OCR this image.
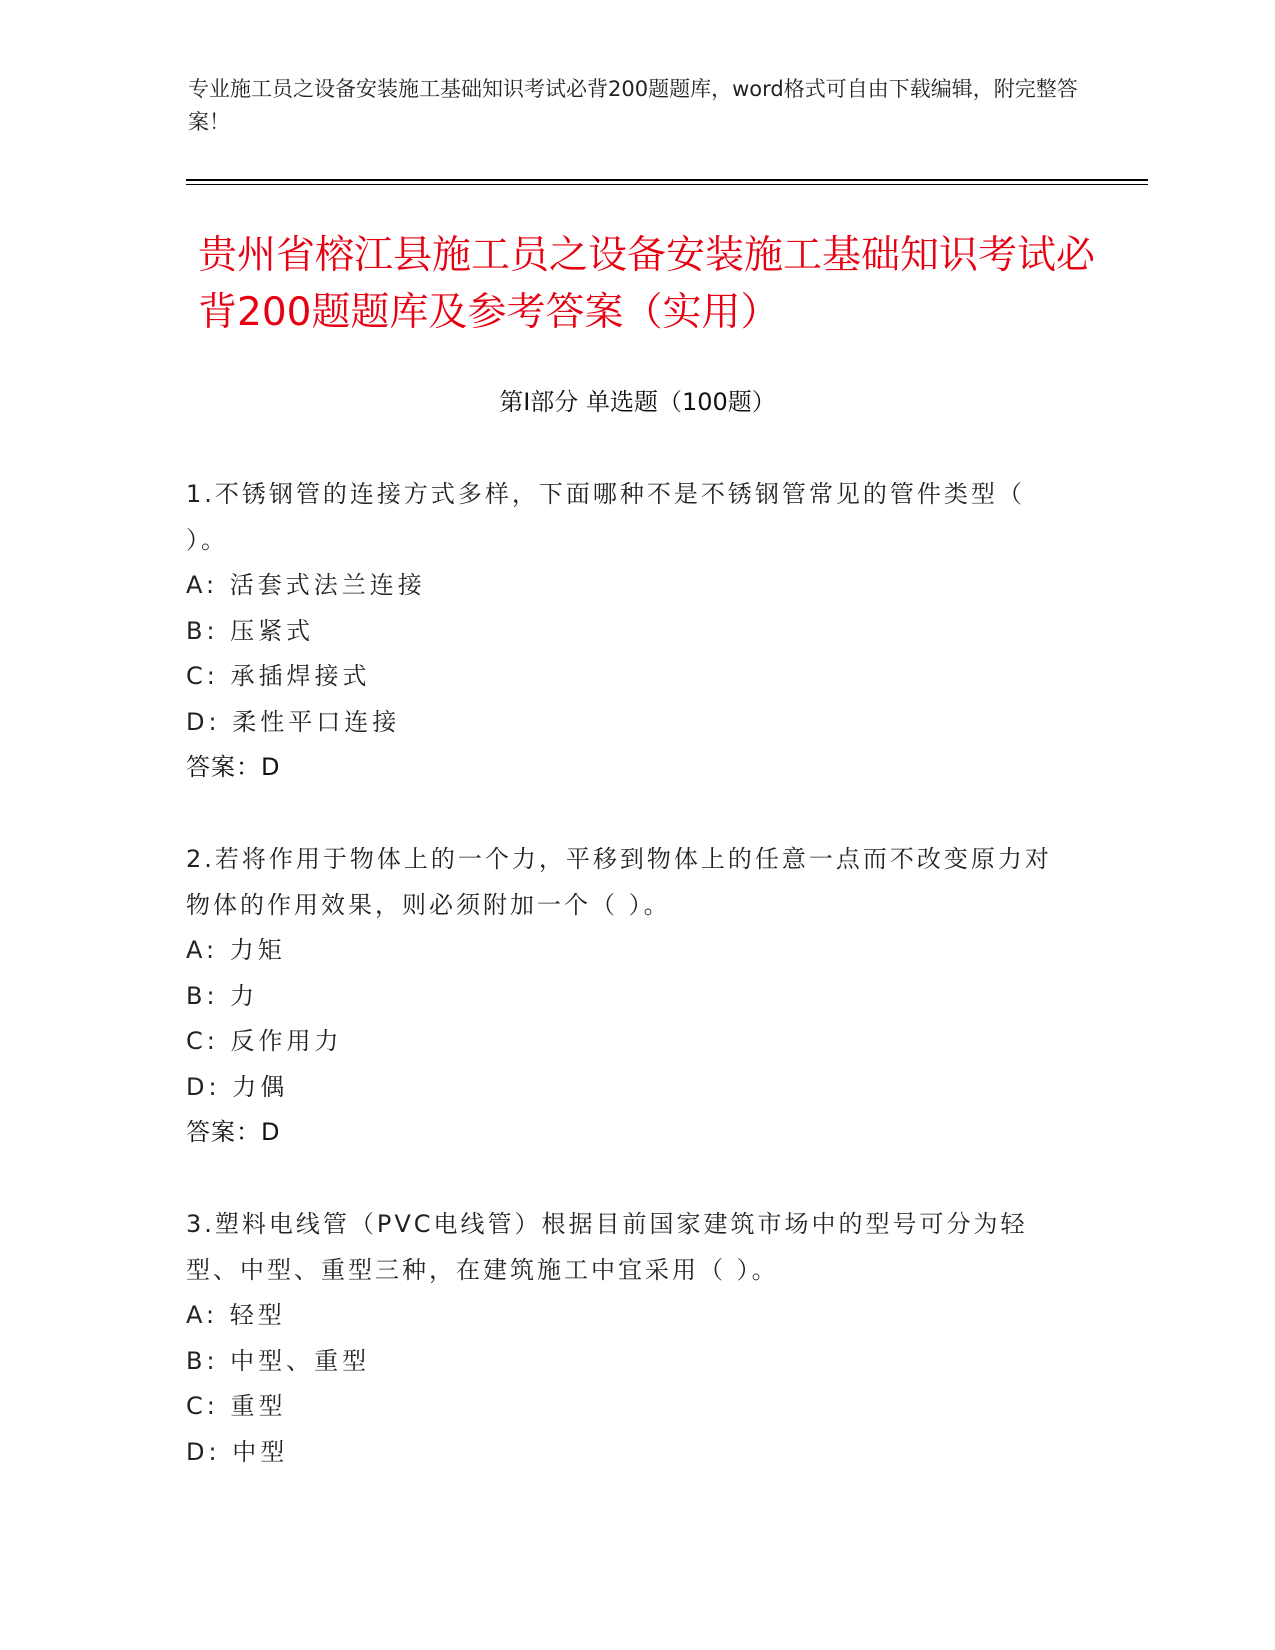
专业施工员之设备安装施工基础知识考试必背200题题库，word格式可自由下载编辑，附完整答案！
贵州省榕江县施工员之设备安装施工基础知识考试必背200题题库及参考答案（实用）
第Ⅰ部分 单选题（100题）
1.不锈钢管的连接方式多样，下面哪种不是不锈钢管常见的管件类型（ ）。
A: 活套式法兰连接
B: 压紧式
C: 承插焊接式
D: 柔性平口连接
答案：D
2.若将作用于物体上的一个力，平移到物体上的任意一点而不改变原力对物体的作用效果，则必须附加一个（ ）。
A: 力矩
B: 力
C: 反作用力
D: 力偶
答案：D
3.塑料电线管（PVC电线管）根据目前国家建筑市场中的型号可分为轻型、中型、重型三种，在建筑施工中宜采用（ ）。
A: 轻型
B: 中型、重型
C: 重型
D: 中型
